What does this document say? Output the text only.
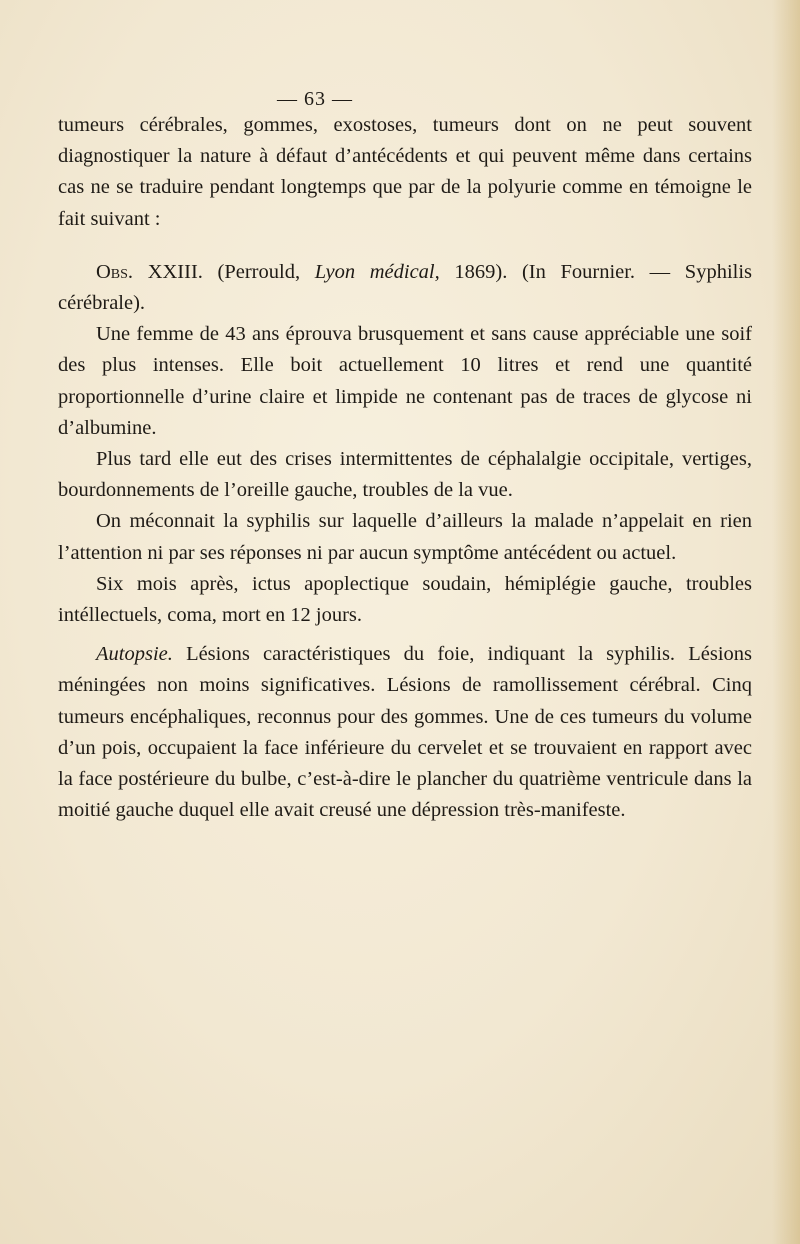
— 63 —

tumeurs cérébrales, gommes, exostoses, tumeurs dont on ne peut souvent diagnostiquer la nature à défaut d’antécédents et qui peuvent même dans certains cas ne se traduire pendant longtemps que par de la polyurie comme en témoigne le fait suivant :

Obs. XXIII. (Perrould, Lyon médical, 1869). (In Fournier. — Syphilis cérébrale).

Une femme de 43 ans éprouva brusquement et sans cause appréciable une soif des plus intenses. Elle boit actuellement 10 litres et rend une quantité proportionnelle d’urine claire et limpide ne contenant pas de traces de glycose ni d’albumine.

Plus tard elle eut des crises intermittentes de céphalalgie occipitale, vertiges, bourdonnements de l’oreille gauche, troubles de la vue.

On méconnait la syphilis sur laquelle d’ailleurs la malade n’appelait en rien l’attention ni par ses réponses ni par aucun symptôme antécédent ou actuel.

Six mois après, ictus apoplectique soudain, hémiplégie gauche, troubles intéllectuels, coma, mort en 12 jours.

Autopsie. Lésions caractéristiques du foie, indiquant la syphilis. Lésions méningées non moins significatives. Lésions de ramollissement cérébral. Cinq tumeurs encéphaliques, reconnus pour des gommes. Une de ces tumeurs du volume d’un pois, occupaient la face inférieure du cervelet et se trouvaient en rapport avec la face postérieure du bulbe, c’est-à-dire le plancher du quatrième ventricule dans la moitié gauche duquel elle avait creusé une dépression très-manifeste.
